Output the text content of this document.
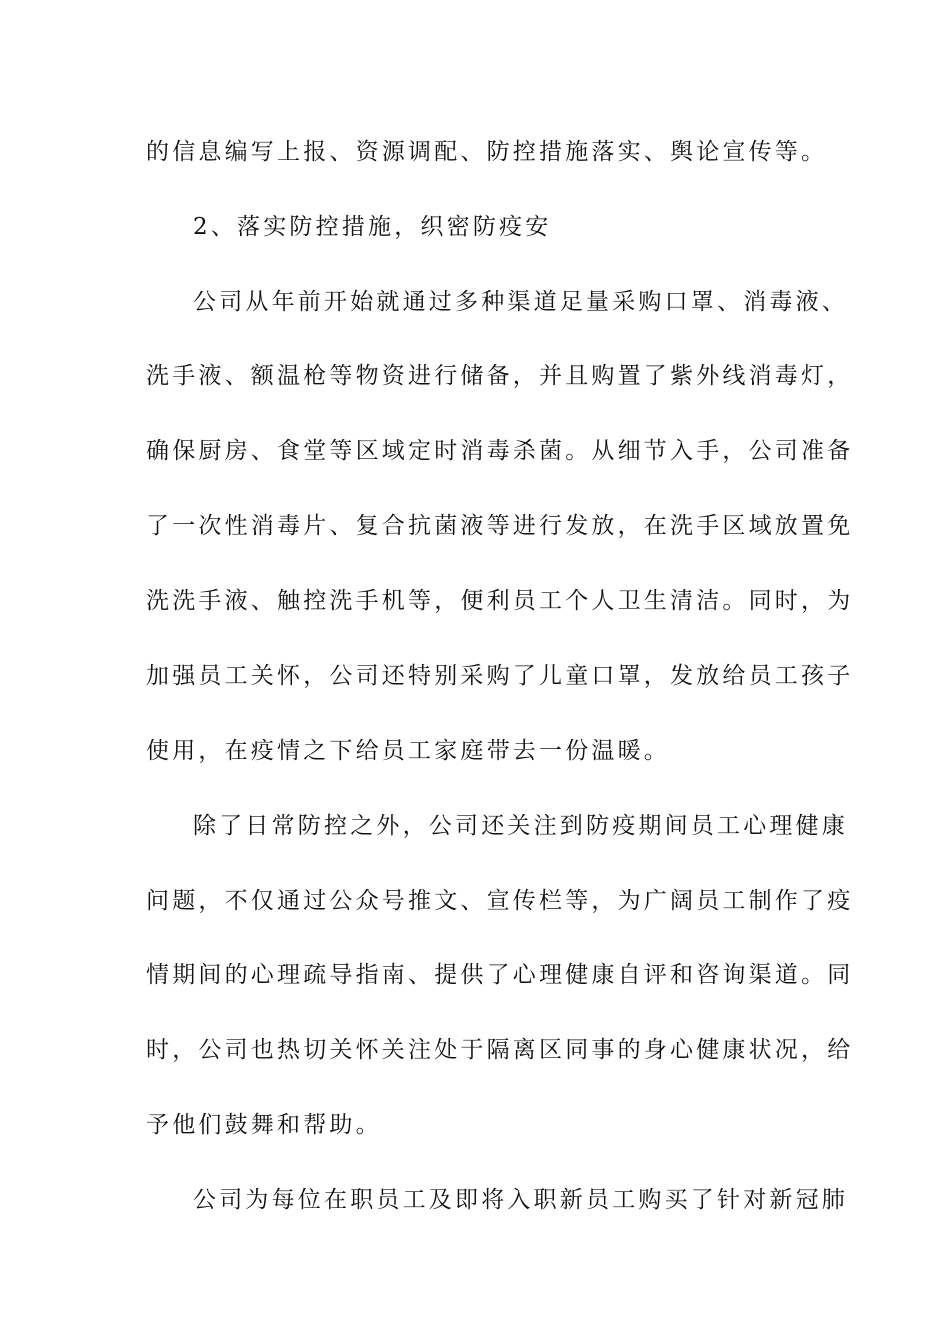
的信息编写上报、资源调配、防控措施落实、舆论宣传等。
2、落实防控措施，织密防疫安
公司从年前开始就通过多种渠道足量采购口罩、消毒液、
洗手液、额温枪等物资进行储备，并且购置了紫外线消毒灯，
确保厨房、食堂等区域定时消毒杀菌。从细节入手，公司准备
了一次性消毒片、复合抗菌液等进行发放，在洗手区域放置免
洗洗手液、触控洗手机等，便利员工个人卫生清洁。同时，为
加强员工关怀，公司还特别采购了儿童口罩，发放给员工孩子
使用，在疫情之下给员工家庭带去一份温暖。
除了日常防控之外，公司还关注到防疫期间员工心理健康
问题，不仅通过公众号推文、宣传栏等，为广阔员工制作了疫
情期间的心理疏导指南、提供了心理健康自评和咨询渠道。同
时，公司也热切关怀关注处于隔离区同事的身心健康状况，给
予他们鼓舞和帮助。
公司为每位在职员工及即将入职新员工购买了针对新冠肺
